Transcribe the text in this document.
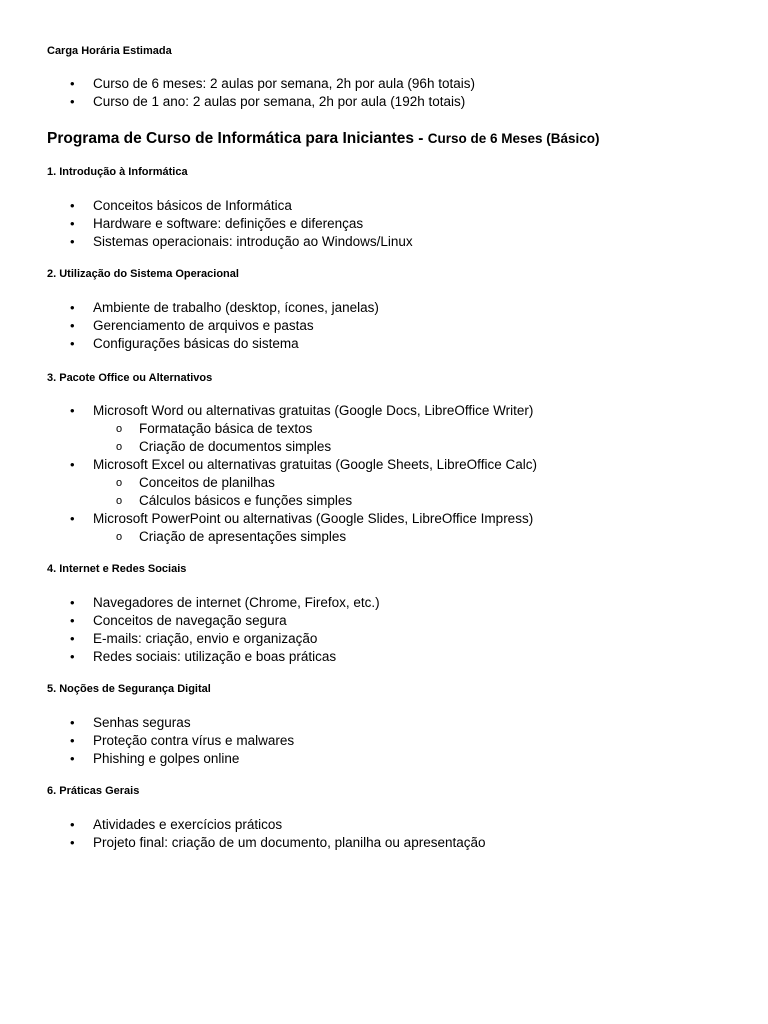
Carga Horária Estimada
• Curso de 6 meses: 2 aulas por semana, 2h por aula (96h totais)
• Curso de 1 ano: 2 aulas por semana, 2h por aula (192h totais)
Programa de Curso de Informática para Iniciantes - Curso de 6 Meses (Básico)
1. Introdução à Informática
• Conceitos básicos de Informática
• Hardware e software: definições e diferenças
• Sistemas operacionais: introdução ao Windows/Linux
2. Utilização do Sistema Operacional
• Ambiente de trabalho (desktop, ícones, janelas)
• Gerenciamento de arquivos e pastas
• Configurações básicas do sistema
3. Pacote Office ou Alternativos
• Microsoft Word ou alternativas gratuitas (Google Docs, LibreOffice Writer)
o Formatação básica de textos
o Criação de documentos simples
• Microsoft Excel ou alternativas gratuitas (Google Sheets, LibreOffice Calc)
o Conceitos de planilhas
o Cálculos básicos e funções simples
• Microsoft PowerPoint ou alternativas (Google Slides, LibreOffice Impress)
o Criação de apresentações simples
4. Internet e Redes Sociais
• Navegadores de internet (Chrome, Firefox, etc.)
• Conceitos de navegação segura
• E-mails: criação, envio e organização
• Redes sociais: utilização e boas práticas
5. Noções de Segurança Digital
• Senhas seguras
• Proteção contra vírus e malwares
• Phishing e golpes online
6. Práticas Gerais
• Atividades e exercícios práticos
• Projeto final: criação de um documento, planilha ou apresentação
